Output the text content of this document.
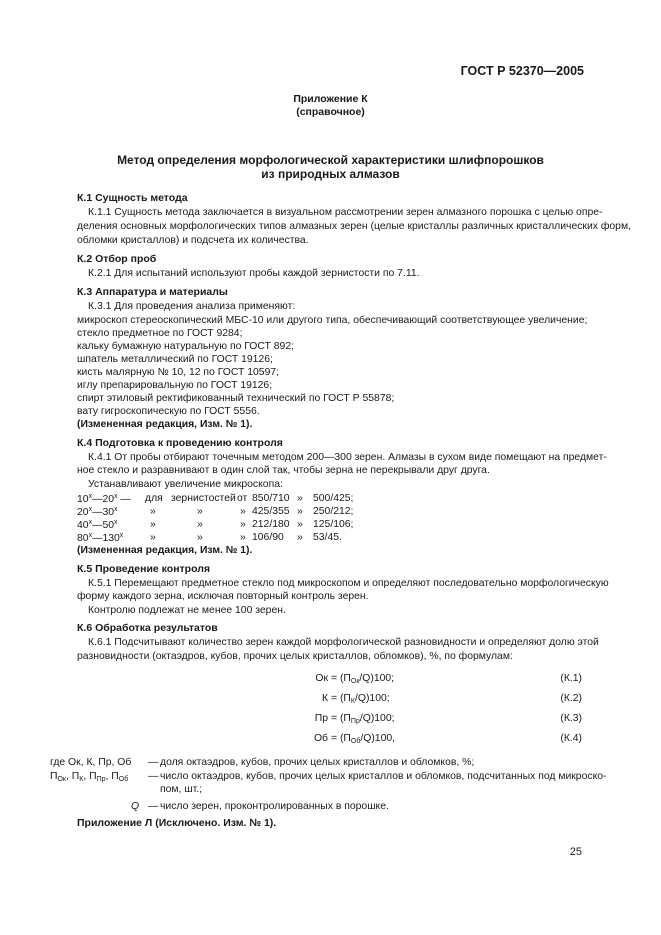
ГОСТ Р 52370—2005
Приложение К
(справочное)
Метод определения морфологической характеристики шлифпорошков
из природных алмазов
К.1 Сущность метода
К.1.1 Сущность метода заключается в визуальном рассмотрении зерен алмазного порошка с целью опре-
деления основных морфологических типов алмазных зерен (целые кристаллы различных кристаллических форм,
обломки кристаллов) и подсчета их количества.
К.2 Отбор проб
К.2.1 Для испытаний используют пробы каждой зернистости по 7.11.
К.3 Аппаратура и материалы
К.3.1 Для проведения анализа применяют:
микроскоп стереоскопический МБС-10 или другого типа, обеспечивающий соответствующее увеличение;
стекло предметное по ГОСТ 9284;
кальку бумажную натуральную по ГОСТ 892;
шпатель металлический по ГОСТ 19126;
кисть малярную № 10, 12 по ГОСТ 10597;
иглу препарировальную по ГОСТ 19126;
спирт этиловый ректификованный технический по ГОСТ Р 55878;
вату гигроскопическую по ГОСТ 5556.
(Измененная редакция, Изм. № 1).
К.4 Подготовка к проведению контроля
К.4.1 От пробы отбирают точечным методом 200—300 зерен. Алмазы в сухом виде помещают на предмет-
ное стекло и разравнивают в один слой так, чтобы зерна не перекрывали друг друга.
Устанавливают увеличение микроскопа:
$10^х—20^х$ — для зернистостей от 850/710 » 500/425;
$20^х—30^х$	»	»	» 425/355 » 250/212;
$40^х—50^х$	»	»	» 212/180 » 125/106;
$80^х—130^х$	»	»	» 106/90 » 53/45.
(Измененная редакция, Изм. № 1).
К.5 Проведение контроля
К.5.1 Перемещают предметное стекло под микроскопом и определяют последовательно морфологическую
форму каждого зерна, исключая повторный контроль зерен.
Контролю подлежат не менее 100 зерен.
К.6 Обработка результатов
К.6.1 Подсчитывают количество зерен каждой морфологической разновидности и определяют долю этой
разновидности (октаэдров, кубов, прочих целых кристаллов, обломков), %, по формулам:
Ок = $(П_{Ок}/Q)100$;	(К.1)
$К = (П_К/Q)100$;	(К.2)
Пр = $(П_{Пр}/Q)100$;	(К.3)
Об = $(П_{Об}/Q)100$,	(К.4)
где Ок, К, Пр, Об	— доля октаэдров, кубов, прочих целых кристаллов и обломков, %;
$П_{Ок}$, $П_К$, $П_{Пр}$, $П_{Об}$ — число октаэдров, кубов, прочих целых кристаллов и обломков, подсчитанных под микроско-
пом, шт.;
Q — число зерен, проконтролированных в порошке.
Приложение Л (Исключено. Изм. № 1).
25
